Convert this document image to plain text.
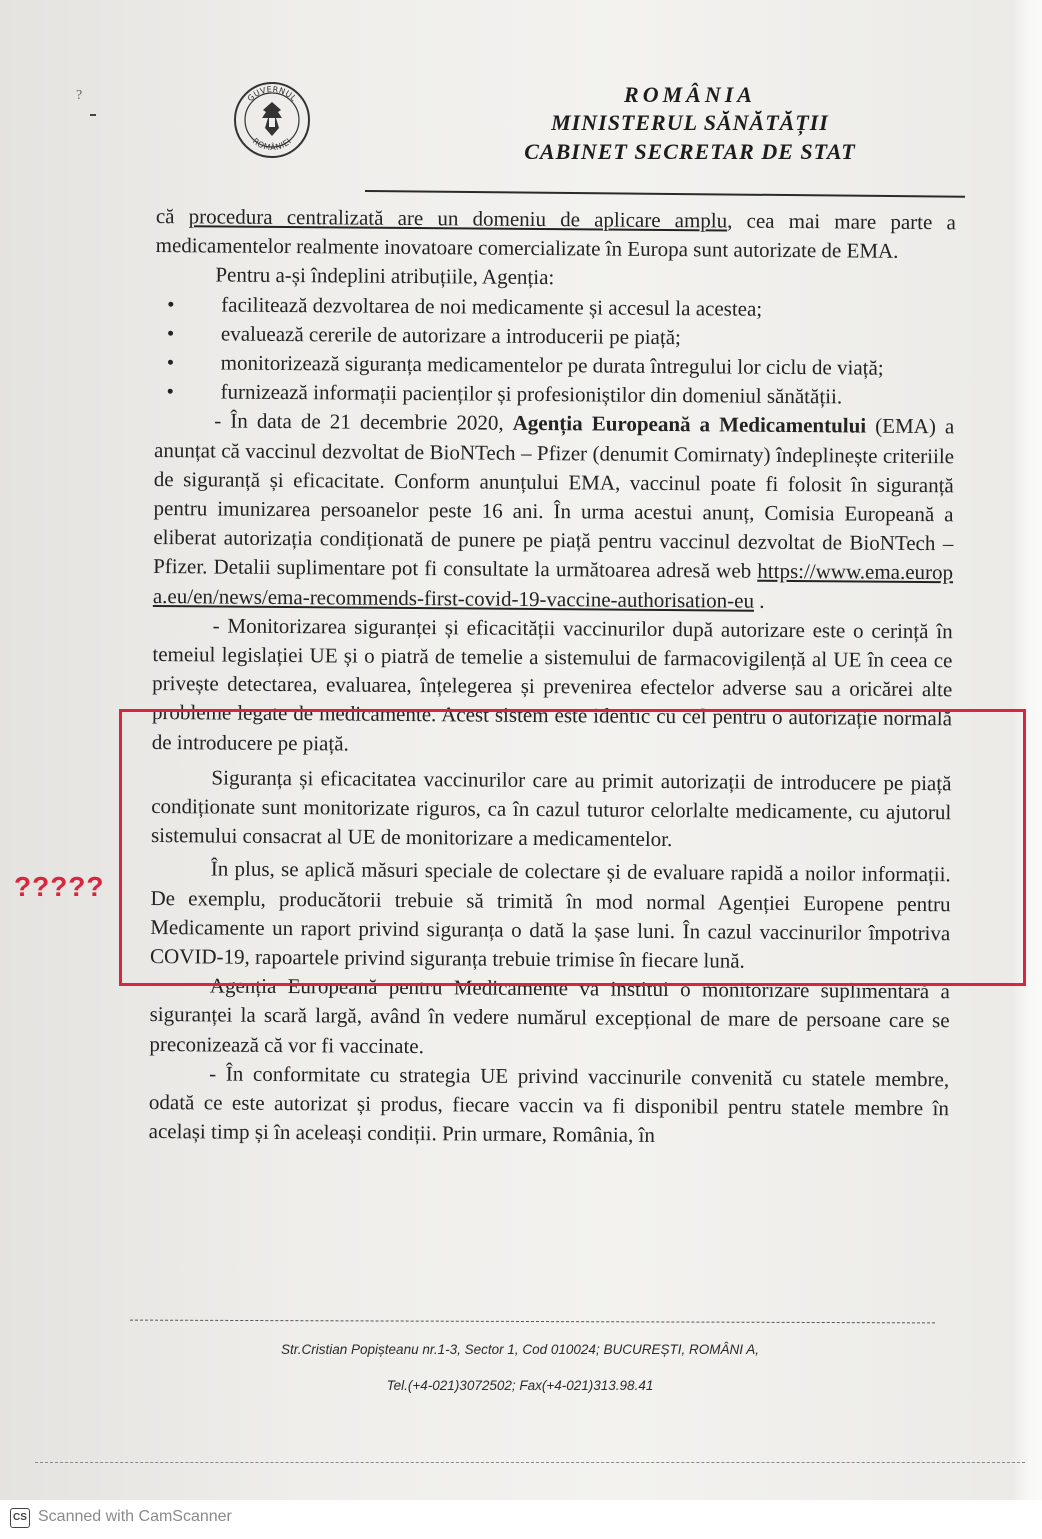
?	GUVERNUL
ROMÂNIEI
ROMÂNIA
MINISTERUL SĂNĂTĂȚII
CABINET SECRETAR DE STAT

că procedura centralizată are un domeniu de aplicare amplu, cea mai mare parte a medicamentelor realmente inovatoare comercializate în Europa sunt autorizate de EMA.

Pentru a-și îndeplini atribuțiile, Agenția:

• facilitează dezvoltarea de noi medicamente și accesul la acestea;

• evaluează cererile de autorizare a introducerii pe piață;

• monitorizează siguranța medicamentelor pe durata întregului lor ciclu de viață;

• furnizează informații pacienților și profesioniștilor din domeniul sănătății.

- În data de 21 decembrie 2020, Agenția Europeană a Medicamentului (EMA) a anunțat că vaccinul dezvoltat de BioNTech – Pfizer (denumit Comirnaty) îndeplinește criteriile de siguranță și eficacitate. Conform anunțului EMA, vaccinul poate fi folosit în siguranță pentru imunizarea persoanelor peste 16 ani. În urma acestui anunț, Comisia Europeană a eliberat autorizația condiționată de punere pe piață pentru vaccinul dezvoltat de BioNTech – Pfizer. Detalii suplimentare pot fi consultate la următoarea adresă web https://www.ema.europa.eu/en/news/ema-recommends-first-covid-19-vaccine-authorisation-eu .

- Monitorizarea siguranței și eficacității vaccinurilor după autorizare este o cerință în temeiul legislației UE și o piatră de temelie a sistemului de farmacovigilență al UE în ceea ce privește detectarea, evaluarea, înțelegerea și prevenirea efectelor adverse sau a oricărei alte probleme legate de medicamente. Acest sistem este identic cu cel pentru o autorizație normală de introducere pe piață.

Siguranța și eficacitatea vaccinurilor care au primit autorizații de introducere pe piață condiționate sunt monitorizate riguros, ca în cazul tuturor celorlalte medicamente, cu ajutorul sistemului consacrat al UE de monitorizare a medicamentelor.

În plus, se aplică măsuri speciale de colectare și de evaluare rapidă a noilor informații. De exemplu, producătorii trebuie să trimită în mod normal Agenției Europene pentru Medicamente un raport privind siguranța o dată la șase luni. În cazul vaccinurilor împotriva COVID-19, rapoartele privind siguranța trebuie trimise în fiecare lună.

Agenția Europeană pentru Medicamente va institui o monitorizare suplimentară a siguranței la scară largă, având în vedere numărul excepțional de mare de persoane care se preconizează că vor fi vaccinate.

- În conformitate cu strategia UE privind vaccinurile convenită cu statele membre, odată ce este autorizat și produs, fiecare vaccin va fi disponibil pentru statele membre în același timp și în aceleași condiții. Prin urmare, România, în

?????
Str.Cristian Popișteanu nr.1-3, Sector 1, Cod 010024; BUCUREȘTI, ROMÂNI A,
Tel.(+4-021)3072502; Fax(+4-021)313.98.41
CS Scanned with CamScanner
